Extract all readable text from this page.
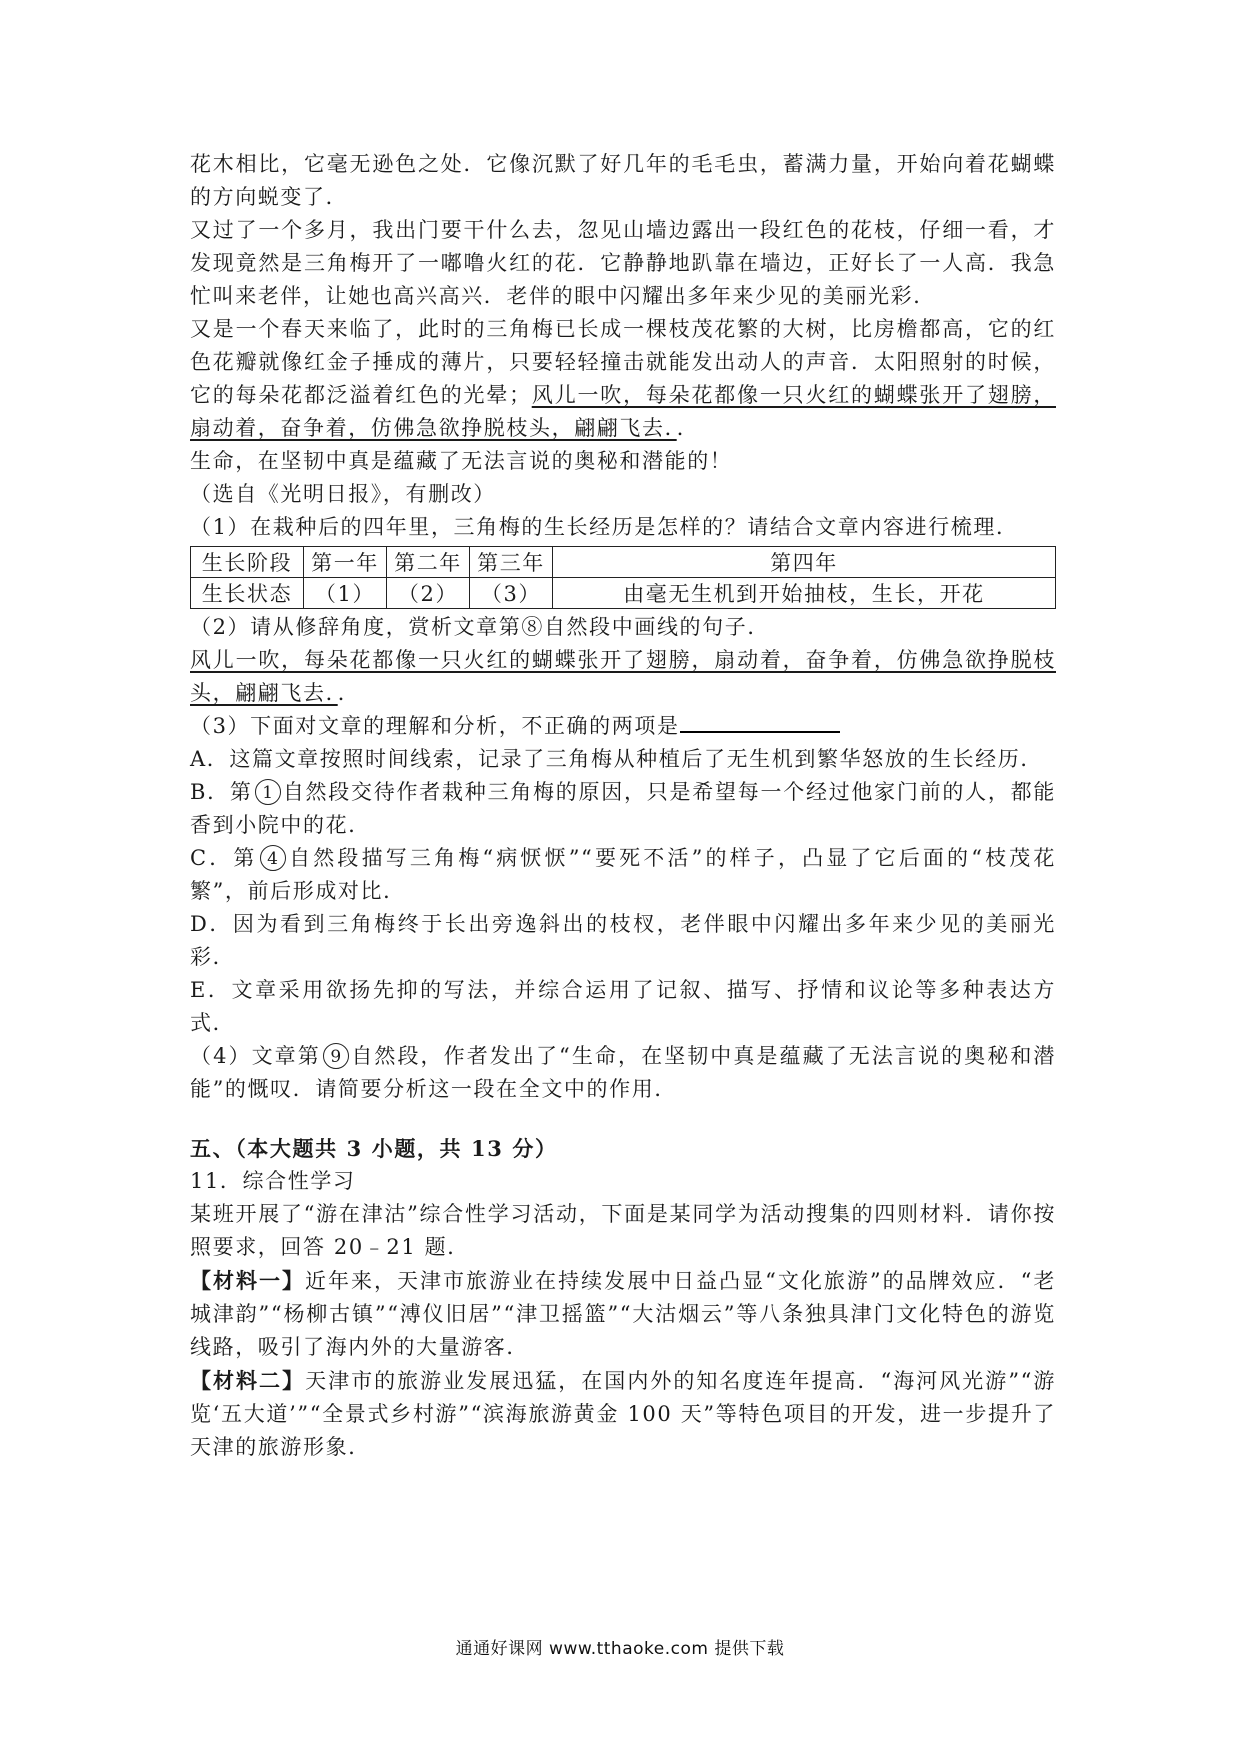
花木相比，它毫无逊色之处．它像沉默了好几年的毛毛虫，蓄满力量，开始向着花蝴蝶的方向蜕变了．

又过了一个多月，我出门要干什么去，忽见山墙边露出一段红色的花枝，仔细一看，才发现竟然是三角梅开了一嘟噜火红的花．它静静地趴靠在墙边，正好长了一人高．我急忙叫来老伴，让她也高兴高兴．老伴的眼中闪耀出多年来少见的美丽光彩．

又是一个春天来临了，此时的三角梅已长成一棵枝茂花繁的大树，比房檐都高，它的红色花瓣就像红金子捶成的薄片，只要轻轻撞击就能发出动人的声音．太阳照射的时候，它的每朵花都泛溢着红色的光晕；风儿一吹，每朵花都像一只火红的蝴蝶张开了翅膀，扇动着，奋争着，仿佛急欲挣脱枝头，翩翩飞去．．

生命，在坚韧中真是蕴藏了无法言说的奥秘和潜能的！

（选自《光明日报》，有删改）

（1）在栽种后的四年里，三角梅的生长经历是怎样的？请结合文章内容进行梳理．

生长阶段	第一年	第二年	第三年	第四年
生长状态	（1）	（2）	（3）	由毫无生机到开始抽枝，生长，开花

（2）请从修辞角度，赏析文章第⑧自然段中画线的句子．

风儿一吹，每朵花都像一只火红的蝴蝶张开了翅膀，扇动着，奋争着，仿佛急欲挣脱枝头，翩翩飞去．．

（3）下面对文章的理解和分析，不正确的两项是

A．这篇文章按照时间线索，记录了三角梅从种植后了无生机到繁华怒放的生长经历．

B．第 1 自然段交待作者栽种三角梅的原因，只是希望每一个经过他家门前的人，都能香到小院中的花．

C．第 4 自然段描写三角梅“病恹恹”“要死不活”的样子，凸显了它后面的“枝茂花繁”，前后形成对比．

D．因为看到三角梅终于长出旁逸斜出的枝杈，老伴眼中闪耀出多年来少见的美丽光彩．

E．文章采用欲扬先抑的写法，并综合运用了记叙、描写、抒情和议论等多种表达方式．

（4）文章第 9 自然段，作者发出了“生命，在坚韧中真是蕴藏了无法言说的奥秘和潜能”的慨叹．请简要分析这一段在全文中的作用．

五、（本大题共 3 小题，共 13 分）

11．综合性学习

某班开展了“游在津沽”综合性学习活动，下面是某同学为活动搜集的四则材料．请你按照要求，回答 20﹣21 题．

【材料一】近年来，天津市旅游业在持续发展中日益凸显“文化旅游”的品牌效应．“老城津韵”“杨柳古镇”“溥仪旧居”“津卫摇篮”“大沽烟云”等八条独具津门文化特色的游览线路，吸引了海内外的大量游客．

【材料二】天津市的旅游业发展迅猛，在国内外的知名度连年提高．“海河风光游”“游览‘五大道’”“全景式乡村游”“滨海旅游黄金 100 天”等特色项目的开发，进一步提升了天津的旅游形象．

通通好课网 www.tthaoke.com 提供下载
